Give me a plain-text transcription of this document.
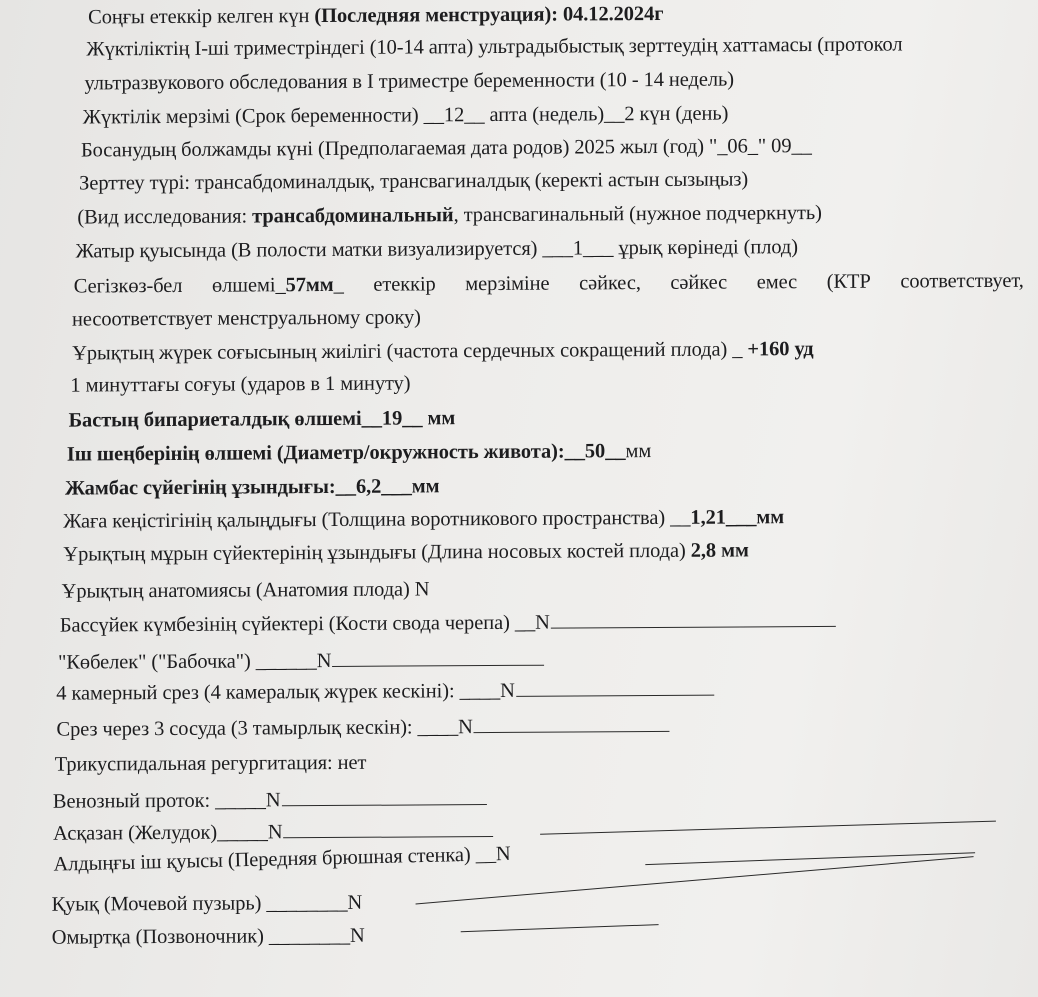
Соңғы етеккір келген күн (Последняя менструация): 04.12.2024г
Жүктіліктің І-ші триместріндегі (10-14 апта) ультрадыбыстық зерттеудің хаттамасы (протокол
ультразвукового обследования в I триместре беременности (10 - 14 недель)
Жүктілік мерзімі (Срок беременности) __12__ апта (недель)__2 күн (день)
Босанудың болжамды күні (Предполагаемая дата родов) 2025 жыл (год) "_06_" 09__
Зерттеу түрі: трансабдоминалдық, трансвагиналдық (керекті астын сызыңыз)
(Вид исследования: трансабдоминальный, трансвагинальный (нужное подчеркнуть)
Жатыр қуысында (В полости матки визуализируется) ___1___ ұрық көрінеді (плод)
Сегізкөз-бел өлшемі_57мм_ етеккір мерзіміне сәйкес, сәйкес емес (КТР соответствует,
несоответствует менструальному сроку)
Ұрықтың жүрек соғысының жиілігі (частота сердечных сокращений плода) _ +160 уд
1 минуттағы соғуы (ударов в 1 минуту)
Бастың бипариеталдық өлшемі__19__ мм
Іш шеңберінің өлшемі (Диаметр/окружность живота):__50__мм
Жамбас сүйегінің ұзындығы:__6,2___мм
Жаға кеңістігінің қалыңдығы (Толщина воротникового пространства) __1,21___мм
Ұрықтың мұрын сүйектерінің ұзындығы (Длина носовых костей плода) 2,8 мм
Ұрықтың анатомиясы (Анатомия плода) N
Бассүйек күмбезінің сүйектері (Кости свода черепа) __N
"Көбелек" ("Бабочка") ______N
4 камерный срез (4 камералық жүрек кескіні): ____N
Срез через 3 сосуда (3 тамырлық кескін): ____N
Трикуспидальная регургитация: нет
Венозный проток: _____N
Асқазан (Желудок)_____N
Алдыңғы іш қуысы (Передняя брюшная стенка) __N
Қуық (Мочевой пузырь) ________N
Омыртқа (Позвоночник) ________N
